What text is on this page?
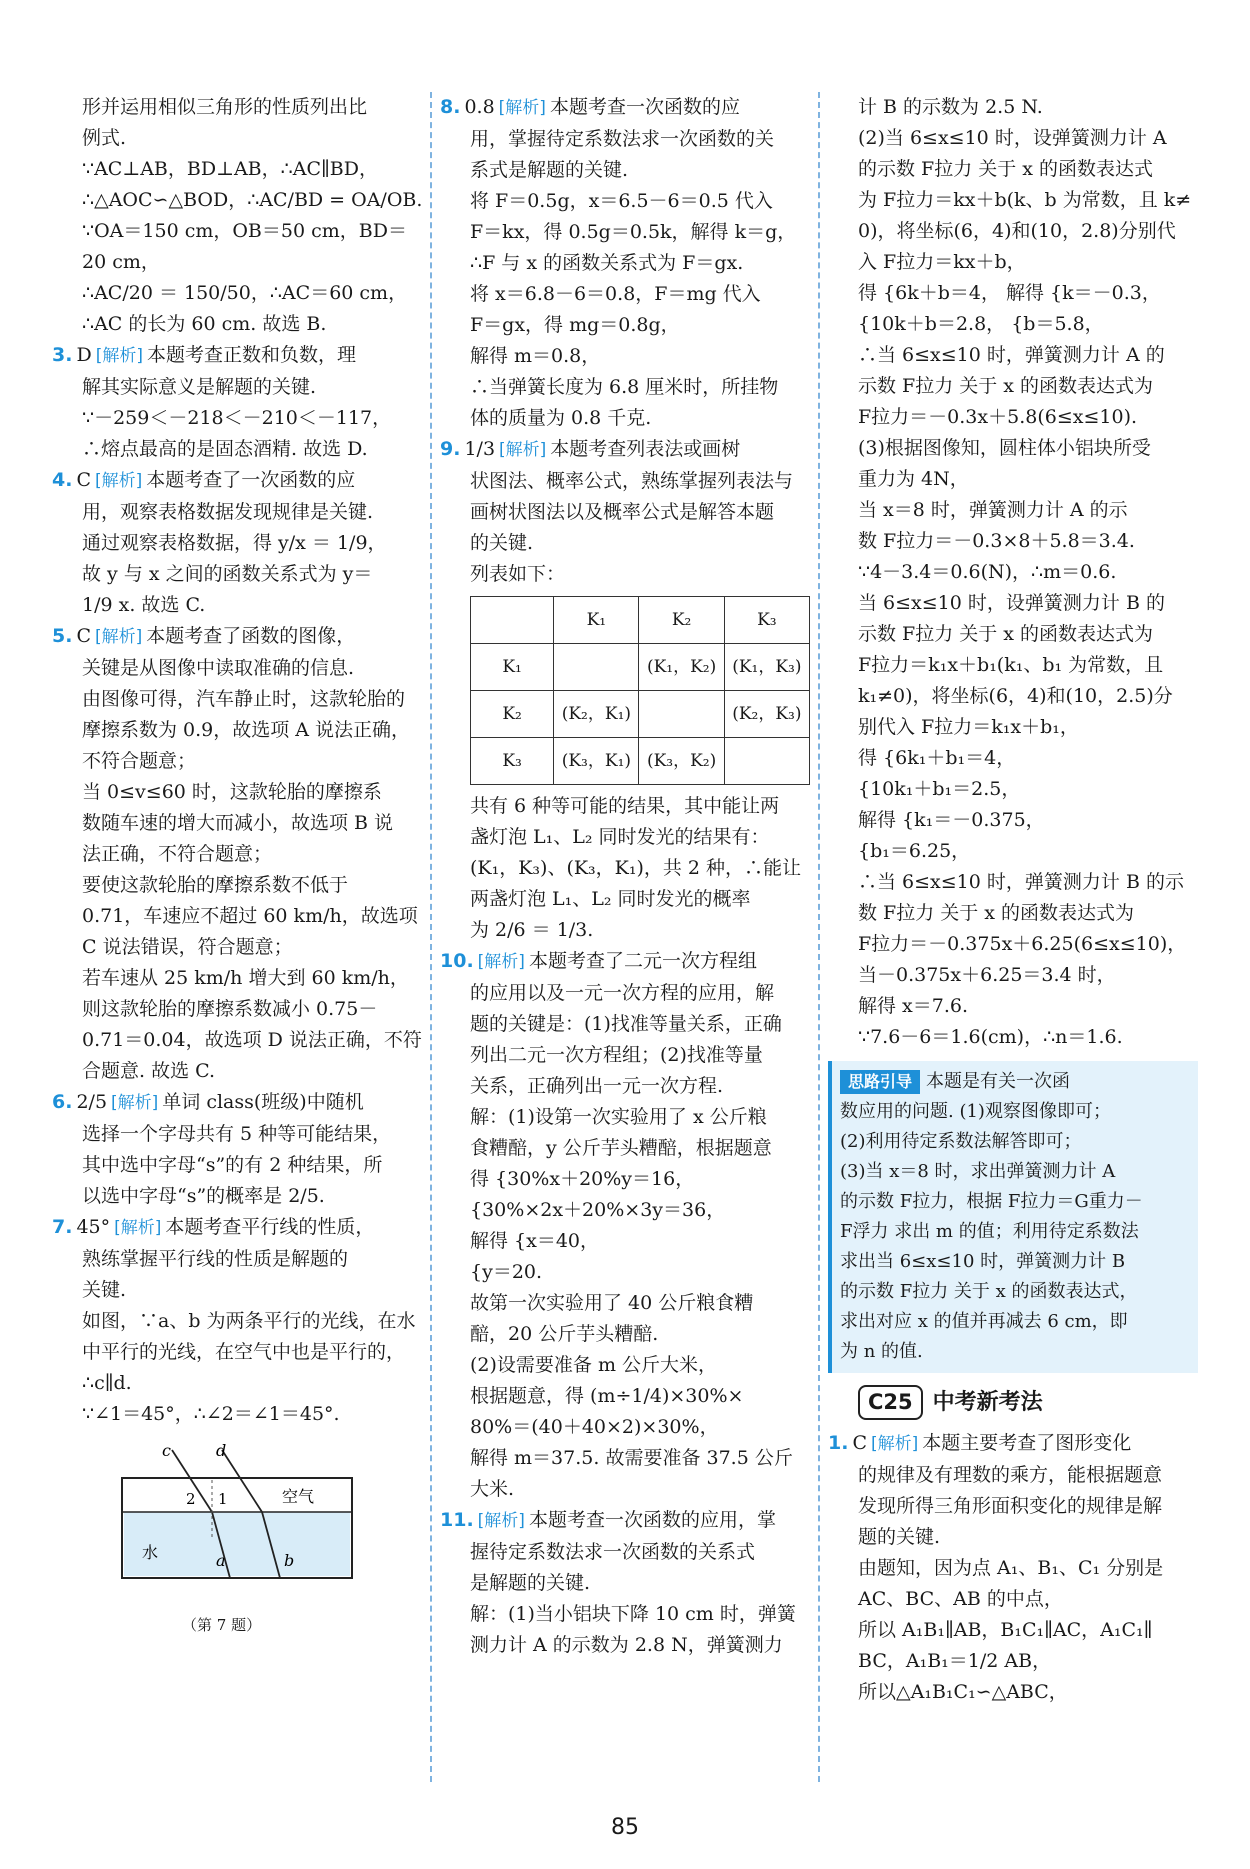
形并运用相似三角形的性质列出比
例式.
∵AC⊥AB，BD⊥AB，∴AC∥BD，
∴△AOC∽△BOD，∴AC/BD = OA/OB.
∵OA＝150 cm，OB＝50 cm，BD＝
20 cm，
∴AC/20 ＝ 150/50，∴AC＝60 cm，
∴AC 的长为 60 cm. 故选 B.
3. D [解析] 本题考查正数和负数，理
解其实际意义是解题的关键.
∵－259＜－218＜－210＜－117，
∴熔点最高的是固态酒精. 故选 D.
4. C [解析] 本题考查了一次函数的应
用，观察表格数据发现规律是关键.
通过观察表格数据，得 y/x ＝ 1/9，
故 y 与 x 之间的函数关系式为 y＝
1/9 x. 故选 C.
5. C [解析] 本题考查了函数的图像，
关键是从图像中读取准确的信息.
由图像可得，汽车静止时，这款轮胎的
摩擦系数为 0.9，故选项 A 说法正确，
不符合题意；
当 0≤v≤60 时，这款轮胎的摩擦系
数随车速的增大而减小，故选项 B 说
法正确，不符合题意；
要使这款轮胎的摩擦系数不低于
0.71，车速应不超过 60 km/h，故选项
C 说法错误，符合题意；
若车速从 25 km/h 增大到 60 km/h，
则这款轮胎的摩擦系数减小 0.75－
0.71＝0.04，故选项 D 说法正确，不符
合题意. 故选 C.
6. 2/5 [解析] 单词 class(班级)中随机
选择一个字母共有 5 种等可能结果，
其中选中字母“s”的有 2 种结果，所
以选中字母“s”的概率是 2/5.
7. 45° [解析] 本题考查平行线的性质，
熟练掌握平行线的性质是解题的
关键.
如图，∵a、b 为两条平行的光线，在水
中平行的光线，在空气中也是平行的，
∴c∥d.
∵∠1＝45°，∴∠2＝∠1＝45°.
c	d
2 1	空气
水	a	b
（第 7 题）
8. 0.8 [解析] 本题考查一次函数的应
用，掌握待定系数法求一次函数的关
系式是解题的关键.
将 F＝0.5g，x＝6.5－6＝0.5 代入
F＝kx，得 0.5g＝0.5k，解得 k＝g，
∴F 与 x 的函数关系式为 F＝gx.
将 x＝6.8－6＝0.8，F＝mg 代入
F＝gx，得 mg＝0.8g，
解得 m＝0.8，
∴当弹簧长度为 6.8 厘米时，所挂物
体的质量为 0.8 千克.
9. 1/3 [解析] 本题考查列表法或画树
状图法、概率公式，熟练掌握列表法与
画树状图法以及概率公式是解答本题
的关键.
列表如下：
	K₁	K₂	K₃
K₁		(K₁，K₂)	(K₁，K₃)
K₂	(K₂，K₁)		(K₂，K₃)
K₃	(K₃，K₁)	(K₃，K₂)	
共有 6 种等可能的结果，其中能让两
盏灯泡 L₁、L₂ 同时发光的结果有：
(K₁，K₃)、(K₃，K₁)，共 2 种，∴能让
两盏灯泡 L₁、L₂ 同时发光的概率
为 2/6 ＝ 1/3.
10. [解析] 本题考查了二元一次方程组
的应用以及一元一次方程的应用，解
题的关键是：(1)找准等量关系，正确
列出二元一次方程组；(2)找准等量
关系，正确列出一元一次方程.
解：(1)设第一次实验用了 x 公斤粮
食糟醅，y 公斤芋头糟醅，根据题意
得 {30%x＋20%y＝16，
{30%×2x＋20%×3y＝36，
解得 {x＝40，
{y＝20.
故第一次实验用了 40 公斤粮食糟
醅，20 公斤芋头糟醅.
(2)设需要准备 m 公斤大米，
根据题意，得 (m÷1/4)×30%×
80%＝(40＋40×2)×30%，
解得 m＝37.5. 故需要准备 37.5 公斤
大米.
11. [解析] 本题考查一次函数的应用，掌
握待定系数法求一次函数的关系式
是解题的关键.
解：(1)当小铝块下降 10 cm 时，弹簧
测力计 A 的示数为 2.8 N，弹簧测力
计 B 的示数为 2.5 N.
(2)当 6≤x≤10 时，设弹簧测力计 A
的示数 F拉力 关于 x 的函数表达式
为 F拉力＝kx＋b(k、b 为常数，且 k≠
0)，将坐标(6，4)和(10，2.8)分别代
入 F拉力＝kx＋b，
得 {6k＋b＝4， 解得 {k＝－0.3，
{10k＋b＝2.8， {b＝5.8，
∴当 6≤x≤10 时，弹簧测力计 A 的
示数 F拉力 关于 x 的函数表达式为
F拉力＝－0.3x＋5.8(6≤x≤10).
(3)根据图像知，圆柱体小铝块所受
重力为 4N，
当 x＝8 时，弹簧测力计 A 的示
数 F拉力＝－0.3×8＋5.8＝3.4.
∵4－3.4＝0.6(N)，∴m＝0.6.
当 6≤x≤10 时，设弹簧测力计 B 的
示数 F拉力 关于 x 的函数表达式为
F拉力＝k₁x＋b₁(k₁、b₁ 为常数，且
k₁≠0)，将坐标(6，4)和(10，2.5)分
别代入 F拉力＝k₁x＋b₁，
得 {6k₁＋b₁＝4，
{10k₁＋b₁＝2.5，
解得 {k₁＝－0.375，
{b₁＝6.25，
∴当 6≤x≤10 时，弹簧测力计 B 的示
数 F拉力 关于 x 的函数表达式为
F拉力＝－0.375x＋6.25(6≤x≤10)，
当－0.375x＋6.25＝3.4 时，
解得 x＝7.6.
∵7.6－6＝1.6(cm)，∴n＝1.6.
思路引导 本题是有关一次函
数应用的问题. (1)观察图像即可；
(2)利用待定系数法解答即可；
(3)当 x＝8 时，求出弹簧测力计 A
的示数 F拉力，根据 F拉力＝G重力－
F浮力 求出 m 的值；利用待定系数法
求出当 6≤x≤10 时，弹簧测力计 B
的示数 F拉力 关于 x 的函数表达式，
求出对应 x 的值并再减去 6 cm，即
为 n 的值.
C25 中考新考法
1. C [解析] 本题主要考查了图形变化
的规律及有理数的乘方，能根据题意
发现所得三角形面积变化的规律是解
题的关键.
由题知，因为点 A₁、B₁、C₁ 分别是
AC、BC、AB 的中点，
所以 A₁B₁∥AB，B₁C₁∥AC，A₁C₁∥
BC，A₁B₁＝1/2 AB，
所以△A₁B₁C₁∽△ABC，
85
